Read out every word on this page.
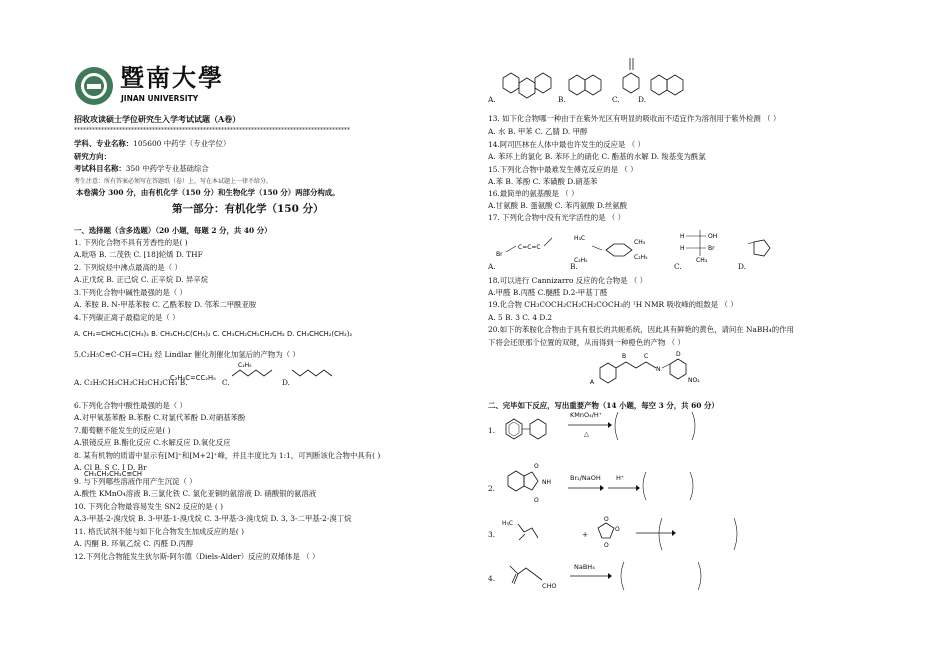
暨南大學
JINAN UNIVERSITY
招收攻读硕士学位研究生入学考试试题（A卷）
********************************************************************************************
学科、专业名称：105600 中药学（专业学位）
研究方向：
考试科目名称：350 中药学专业基础综合
考生注意：所有答案必须写在答题纸（卷）上，写在本试题上一律不给分。
本卷满分 300 分，由有机化学（150 分）和生物化学（150 分）两部分构成。
第一部分：有机化学（150 分）
一、选择题（含多选题）（20 小题，每题 2 分，共 40 分）
1. 下列化合物不具有芳香性的是( )
A.吡咯 B. 二茂铁 C. [18]轮烯 D. THF
2. 下列烷烃中沸点最高的是（ ）
A.正戊烷 B. 正己烷 C. 正辛烷 D. 异辛烷
3.下列化合物中碱性最强的是（ ）
A. 苯胺 B. N-甲基苯胺 C. 乙酰苯胺 D. 邻苯二甲酰亚胺
4.下列碳正离子最稳定的是（ ）
A. CH₂=CHCH₂C(CH₃)₂ B. CH₃CH₂C(CH₃)₂ C. CH₃CH₂CH₂CH₂CH₂ D. CH₃CHCH₂(CH₂)₂
5.C₂H₅C≡C-CH=CH₂ 经 Lindlar 催化剂催化加氢后的产物为（ ）
A. C₂H₅CH₂CH₂CH₂CH₂CH₃ B.
C₂H₅C=CC₂H₅ C.
C₂H₅
D.
6.下列化合物中酸性最强的是（ ）
A.对甲氧基苯酚 B.苯酚 C.对氯代苯酚 D.对硝基苯酚
7.葡萄糖不能发生的反应是( )
A.银镜反应 B.酯化反应 C.水解反应 D.氧化反应
8. 某有机物的质谱中显示有[M]⁺和[M+2]⁺峰，并且丰度比为 1:1，可判断该化合物中具有( )
A. Cl B. S C. I D. Br
CH₃CH₂CH₂C≡CH
9. 与下列哪些溶液作用产生沉淀（ ）
A.酸性 KMnO₄溶液 B.三氯化铁 C. 氯化亚铜的氨溶液 D. 硝酸银的氨溶液
10. 下列化合物最容易发生 SN2 反应的是 ( )
A.3-甲基-2-溴戊烷 B. 3-甲基-1-溴戊烷 C. 3-甲基-3-溴戊烷 D. 3, 3-二甲基-2-溴丁烷
11. 格氏试剂不能与如下化合物发生加成反应的是( )
A. 丙酮 B. 环氧乙烷 C. 丙醛 D.丙醇
12.下列化合物能发生狄尔斯-阿尔德（Diels-Alder）反应的双烯体是 （ ）
A.	B.	C. D.
13. 如下化合物哪一种由于在紫外光区有明显的吸收而不适宜作为溶剂用于紫外检测 （ ）
A. 水 B. 甲苯 C. 乙腈 D. 甲醇
14.阿司匹林在人体中最也许发生的反应是 （ ）
A. 苯环上的氯化 B. 苯环上的硝化 C. 酯基的水解 D. 羧基变为酰氯
15.下列化合物中最难发生傅克反应的是 （ ）
A.苯 B. 苯酚 C. 苯磺酸 D.硝基苯
16.最简单的氨基酸是 （ ）
A.甘氨酸 B. 蛋氨酸 C. 苯丙氨酸 D.丝氨酸
17. 下列化合物中没有光学活性的是 （ ）
A.
Br
C=C=C
B.
H₃C
C₂H₅
CH₃
C₂H₅
C.
H	OH
H	Br
CH₃
D.
18.可以进行 Cannizarro 反应的化合物是 （ ）
A.甲醛 B.丙醛 C.醚醛 D.2-甲基丁醛
19.化合物 CH₃COCH₂CH₂CH₂COCH₃的 ¹H NMR 吸收峰的组数是 （ ）
A. 5 B. 3 C. 4 D.2
20.如下的苯胺化合物由于具有很长的共轭系统，因此具有鲜艳的黄色，请问在 NaBH₄的作用
下将会还原那个位置的双键，从而得到一种橙色的产物 （ ）
A
B	C
N
D
NO₂
二、完毕如下反应，写出重要产物（14 小题，每空 3 分，共 60 分）
1.
KMnO₄/H⁺
△
2.
O
NH
O
Br₂/NaOH H⁺
3.
H₃C
+
O
O
O
4.
CHO
NaBH₄
